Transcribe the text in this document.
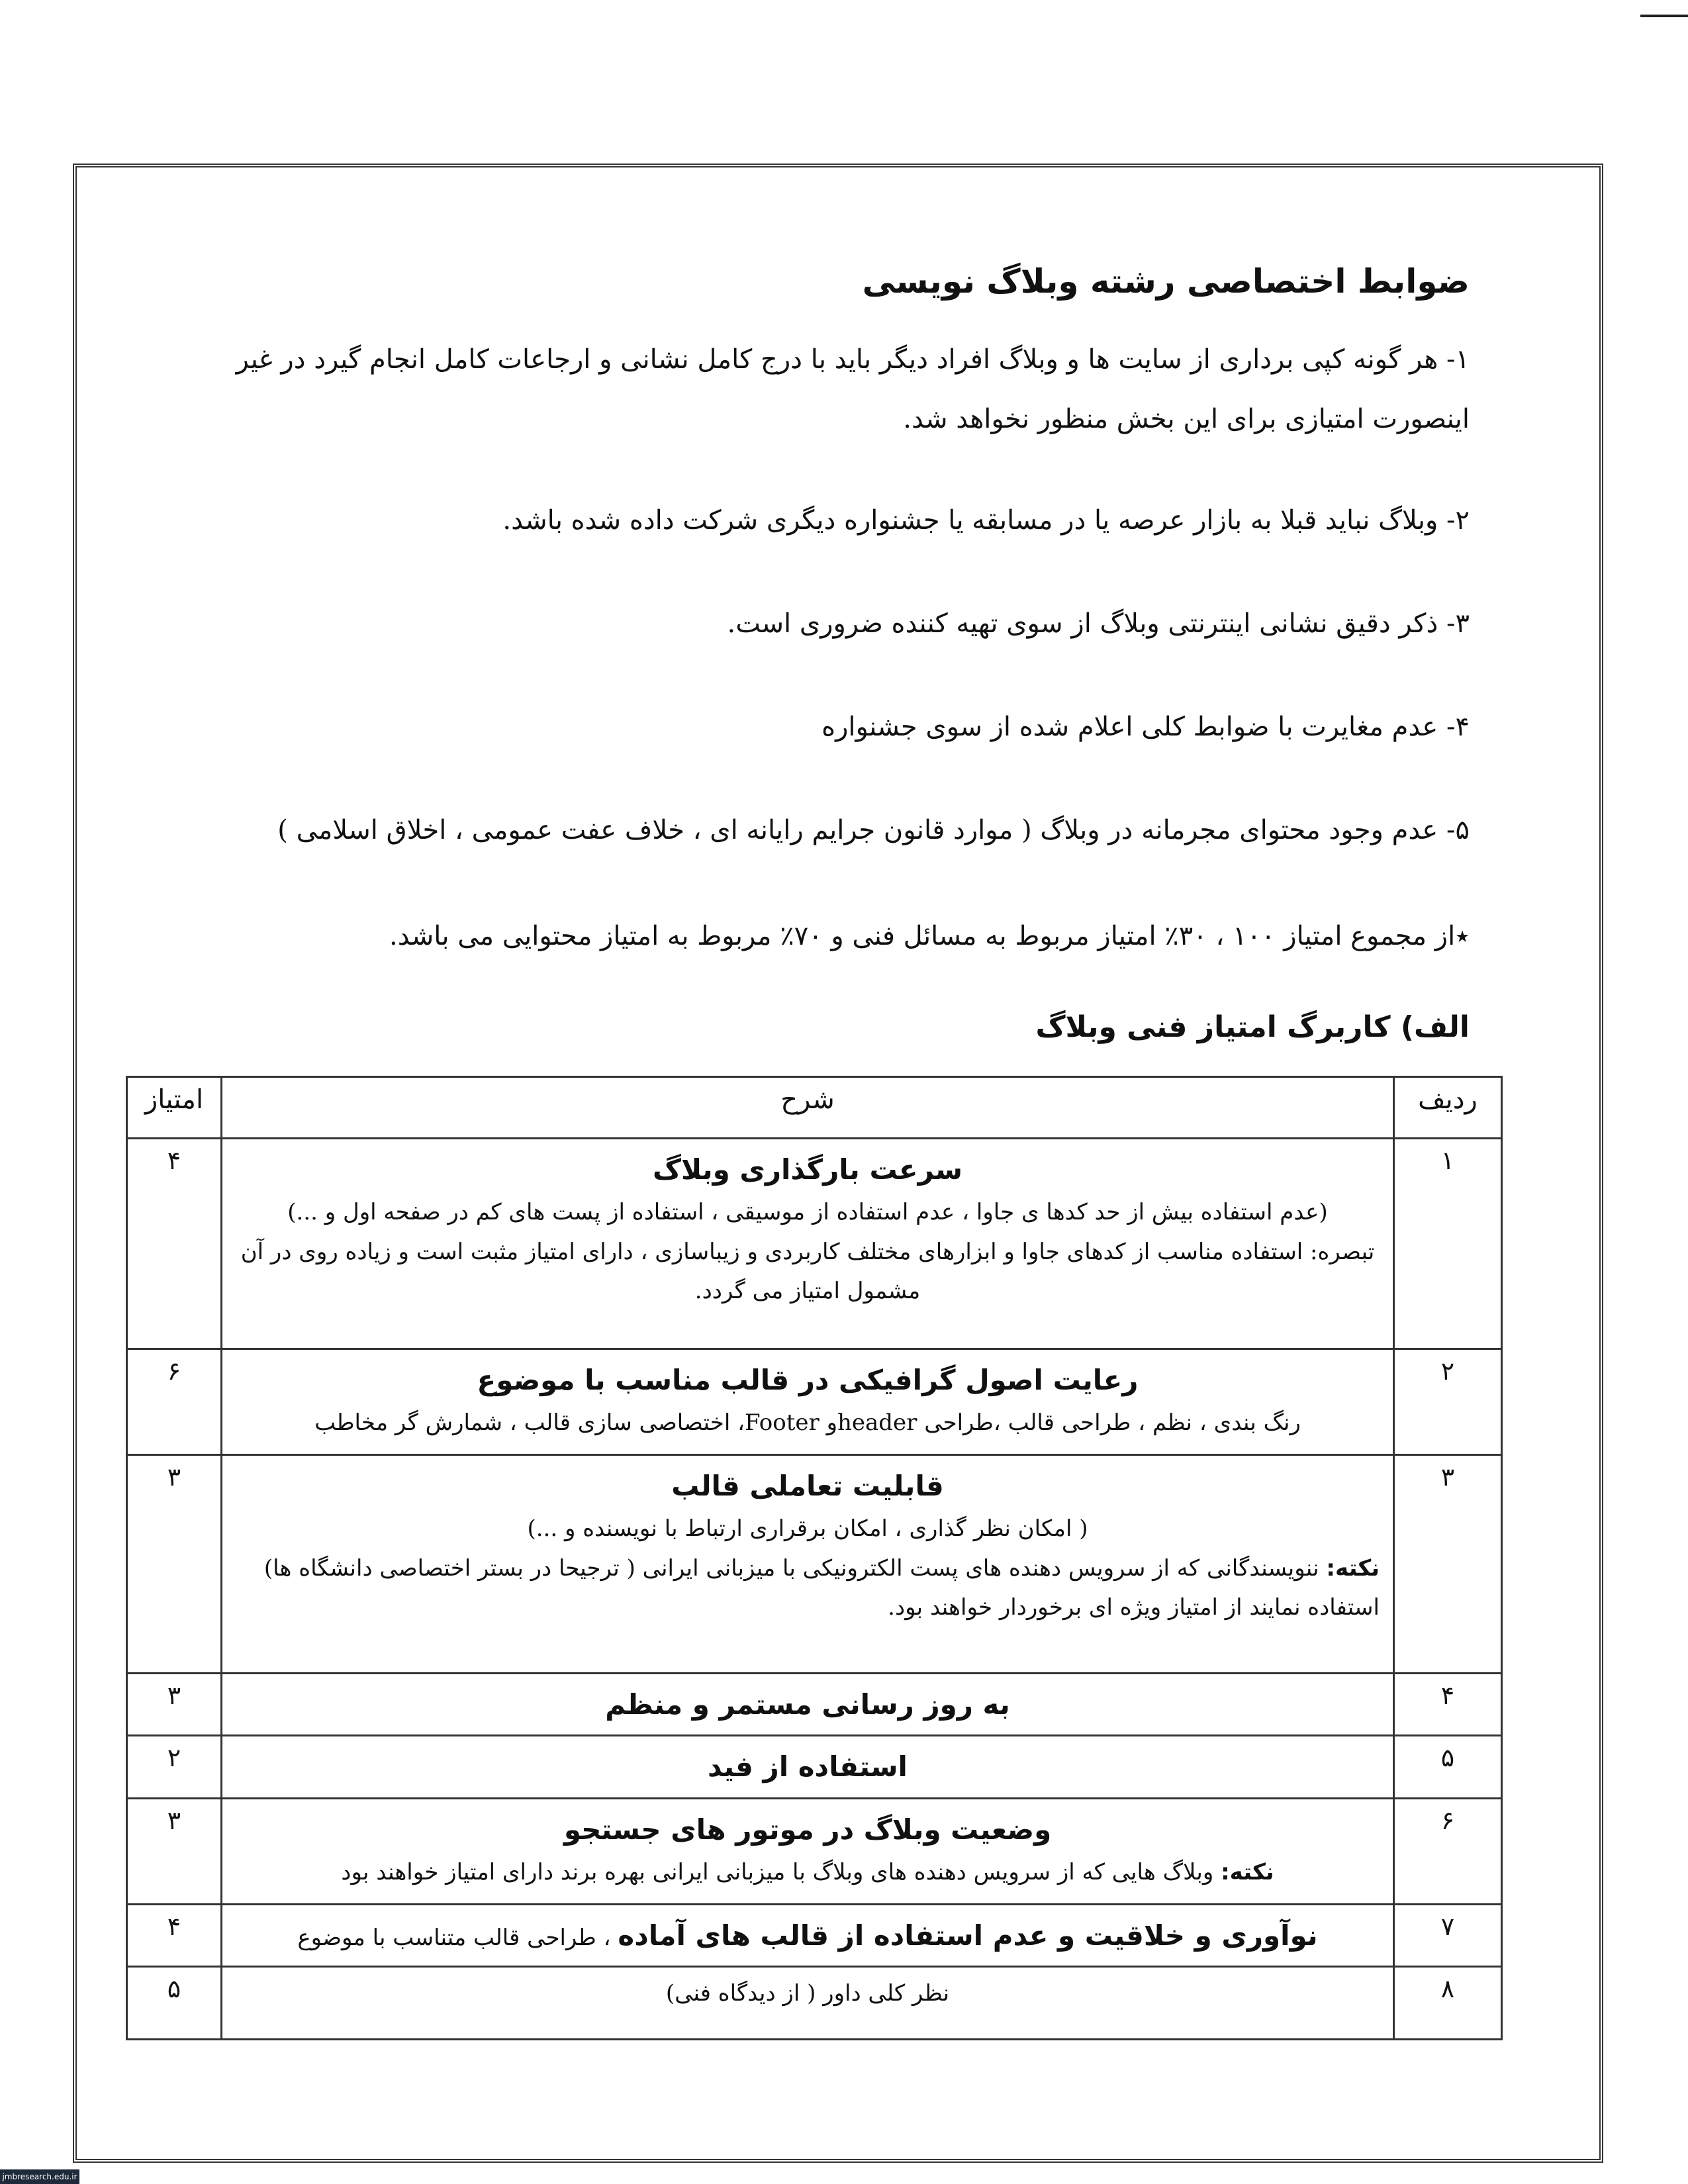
ضوابط اختصاصی رشته وبلاگ نویسی

۱- هر گونه کپی برداری از سایت ها و وبلاگ افراد دیگر باید با درج کامل نشانی و ارجاعات کامل انجام گیرد در غیر اینصورت امتیازی برای این بخش منظور نخواهد شد.

۲- وبلاگ نباید قبلا به بازار عرصه یا در مسابقه یا جشنواره دیگری شرکت داده شده باشد.

۳- ذکر دقیق نشانی اینترنتی وبلاگ از سوی تهیه کننده ضروری است.

۴- عدم مغایرت با ضوابط کلی اعلام شده از سوی جشنواره

۵- عدم وجود محتوای مجرمانه در وبلاگ ( موارد قانون جرایم رایانه ای ، خلاف عفت عمومی ، اخلاق اسلامی )

٭از مجموع امتیاز ۱۰۰ ، ۳۰٪ امتیاز مربوط به مسائل فنی و ۷۰٪ مربوط به امتیاز محتوایی می باشد.

الف) کاربرگ امتیاز فنی وبلاگ
ردیف	شرح	امتیاز
۱	سرعت بارگذاری وبلاگ
(عدم استفاده بیش از حد کدها ی جاوا ، عدم استفاده از موسیقی ، استفاده از پست های کم در صفحه اول و ...)
تبصره: استفاده مناسب از کدهای جاوا و ابزارهای مختلف کاربردی و زیباسازی ، دارای امتیاز مثبت است و زیاده روی در آن مشمول امتیاز می گردد.	۴
۲	رعایت اصول گرافیکی در قالب مناسب با موضوع
رنگ بندی ، نظم ، طراحی قالب ،طراحی headerو Footer، اختصاصی سازی قالب ، شمارش گر مخاطب	۶
۳	قابلیت تعاملی قالب
( امکان نظر گذاری ، امکان برقراری ارتباط با نویسنده و ...)
نکته: ننویسندگانی که از سرویس دهنده های پست الکترونیکی با میزبانی ایرانی ( ترجیحا در بستر اختصاصی دانشگاه ها) استفاده نمایند از امتیاز ویژه ای برخوردار خواهند بود.	۳
۴	به روز رسانی مستمر و منظم	۳
۵	استفاده از فید	۲
۶	وضعیت وبلاگ در موتور های جستجو
نکته: وبلاگ هایی که از سرویس دهنده های وبلاگ با میزبانی ایرانی بهره برند دارای امتیاز خواهند بود	۳
۷	نوآوری و خلاقیت و عدم استفاده از قالب های آماده ، طراحی قالب متناسب با موضوع	۴
۸	نظر کلی داور ( از دیدگاه فنی)	۵
jmbresearch.edu.ir
